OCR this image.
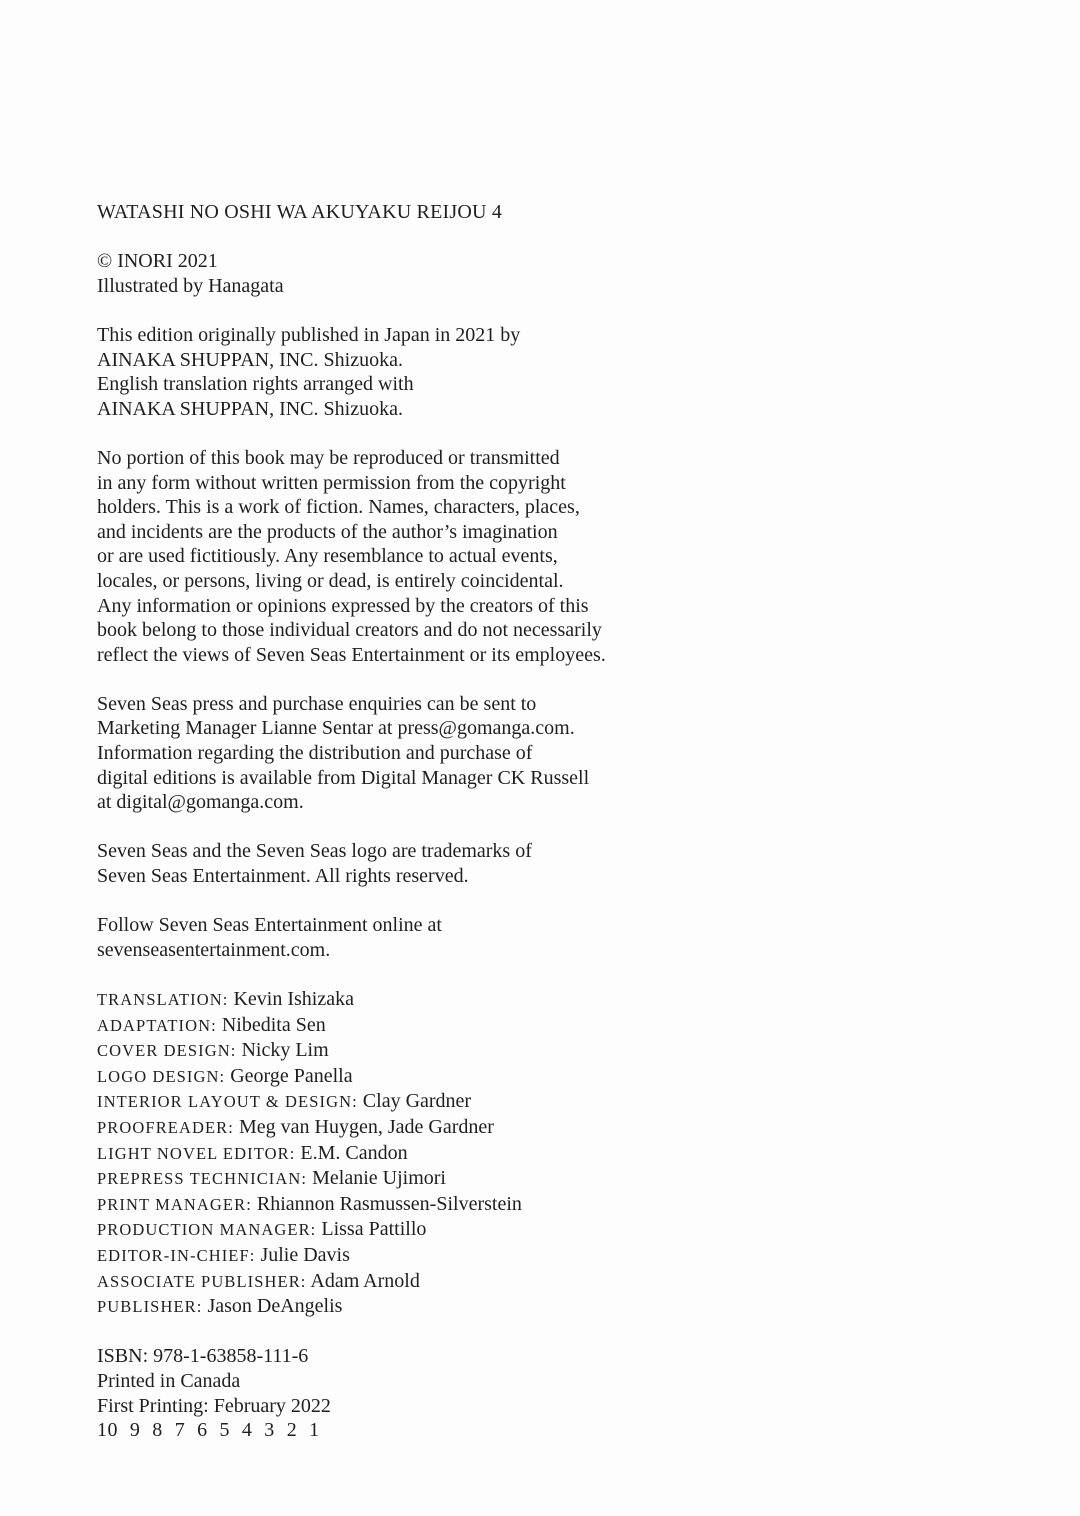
WATASHI NO OSHI WA AKUYAKU REIJOU 4
© INORI 2021
Illustrated by Hanagata
This edition originally published in Japan in 2021 by
AINAKA SHUPPAN, INC. Shizuoka.
English translation rights arranged with
AINAKA SHUPPAN, INC. Shizuoka.
No portion of this book may be reproduced or transmitted
in any form without written permission from the copyright
holders. This is a work of fiction. Names, characters, places,
and incidents are the products of the author’s imagination
or are used fictitiously. Any resemblance to actual events,
locales, or persons, living or dead, is entirely coincidental.
Any information or opinions expressed by the creators of this
book belong to those individual creators and do not necessarily
reflect the views of Seven Seas Entertainment or its employees.
Seven Seas press and purchase enquiries can be sent to
Marketing Manager Lianne Sentar at press@gomanga.com.
Information regarding the distribution and purchase of
digital editions is available from Digital Manager CK Russell
at digital@gomanga.com.
Seven Seas and the Seven Seas logo are trademarks of
Seven Seas Entertainment. All rights reserved.
Follow Seven Seas Entertainment online at
sevenseasentertainment.com.
TRANSLATION: Kevin Ishizaka
ADAPTATION: Nibedita Sen
COVER DESIGN: Nicky Lim
LOGO DESIGN: George Panella
INTERIOR LAYOUT & DESIGN: Clay Gardner
PROOFREADER: Meg van Huygen, Jade Gardner
LIGHT NOVEL EDITOR: E.M. Candon
PREPRESS TECHNICIAN: Melanie Ujimori
PRINT MANAGER: Rhiannon Rasmussen-Silverstein
PRODUCTION MANAGER: Lissa Pattillo
EDITOR-IN-CHIEF: Julie Davis
ASSOCIATE PUBLISHER: Adam Arnold
PUBLISHER: Jason DeAngelis
ISBN: 978-1-63858-111-6
Printed in Canada
First Printing: February 2022
10 9 8 7 6 5 4 3 2 1
